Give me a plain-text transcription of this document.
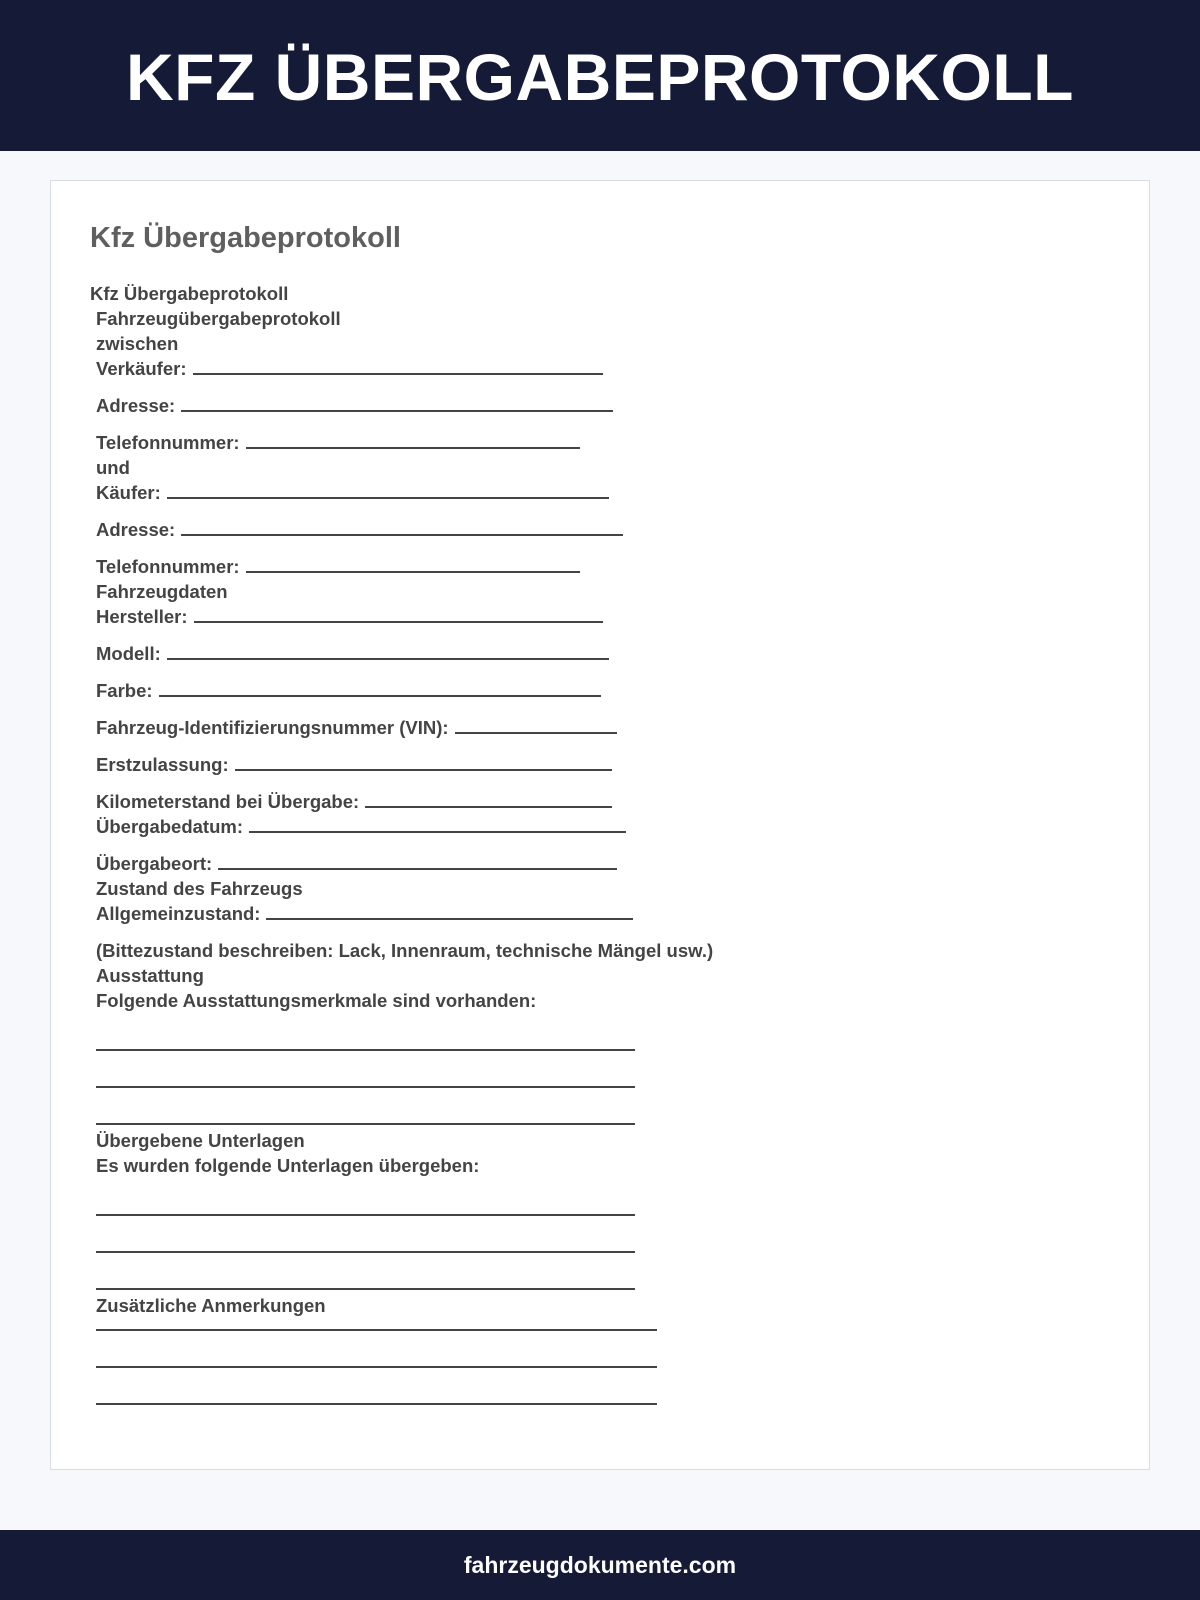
KFZ ÜBERGABEPROTOKOLL
Kfz Übergabeprotokoll
Kfz Übergabeprotokoll
Fahrzeugübergabeprotokoll
zwischen
Verkäufer:
Adresse:
Telefonnummer:
und
Käufer:
Adresse:
Telefonnummer:
Fahrzeugdaten
Hersteller:
Modell:
Farbe:
Fahrzeug-Identifizierungsnummer (VIN):
Erstzulassung:
Kilometerstand bei Übergabe:
Übergabedatum:
Übergabeort:
Zustand des Fahrzeugs
Allgemeinzustand:
(Bittezustand beschreiben: Lack, Innenraum, technische Mängel usw.)
Ausstattung
Folgende Ausstattungsmerkmale sind vorhanden:
Übergebene Unterlagen
Es wurden folgende Unterlagen übergeben:
Zusätzliche Anmerkungen
fahrzeugdokumente.com
